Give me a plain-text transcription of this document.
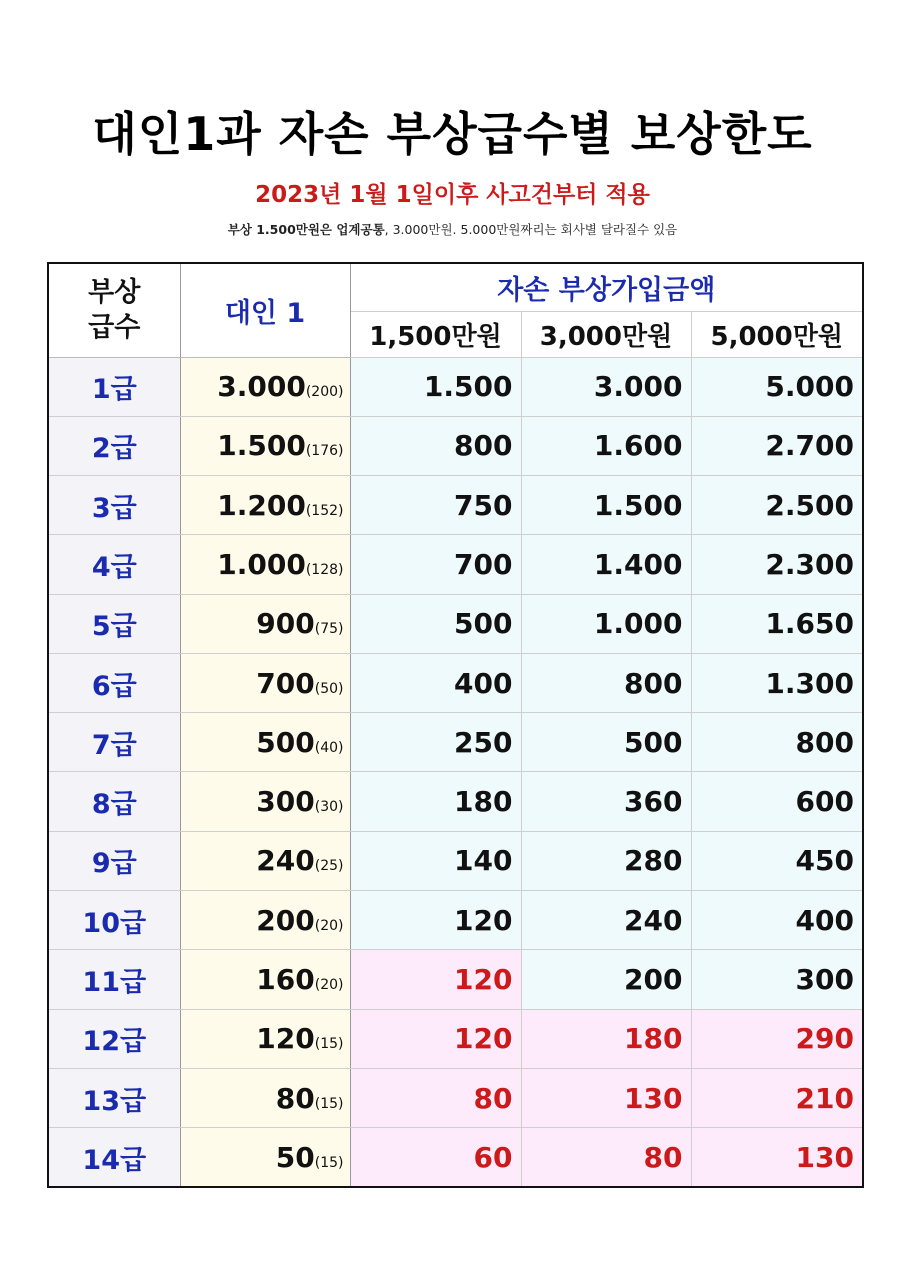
대인1과 자손 부상급수별 보상한도
2023년 1월 1일이후 사고건부터 적용
부상 1.500만원은 업계공통, 3.000만원. 5.000만원짜리는 회사별 달라질수 있음
부상
급수	대인 1	자손 부상가입금액		
		1,500만원	3,000만원	5,000만원
1급	3.000(200)	1.500	3.000	5.000
2급	1.500(176)	800	1.600	2.700
3급	1.200(152)	750	1.500	2.500
4급	1.000(128)	700	1.400	2.300
5급	900(75)	500	1.000	1.650
6급	700(50)	400	800	1.300
7급	500(40)	250	500	800
8급	300(30)	180	360	600
9급	240(25)	140	280	450
10급	200(20)	120	240	400
11급	160(20)	120	200	300
12급	120(15)	120	180	290
13급	80(15)	80	130	210
14급	50(15)	60	80	130
